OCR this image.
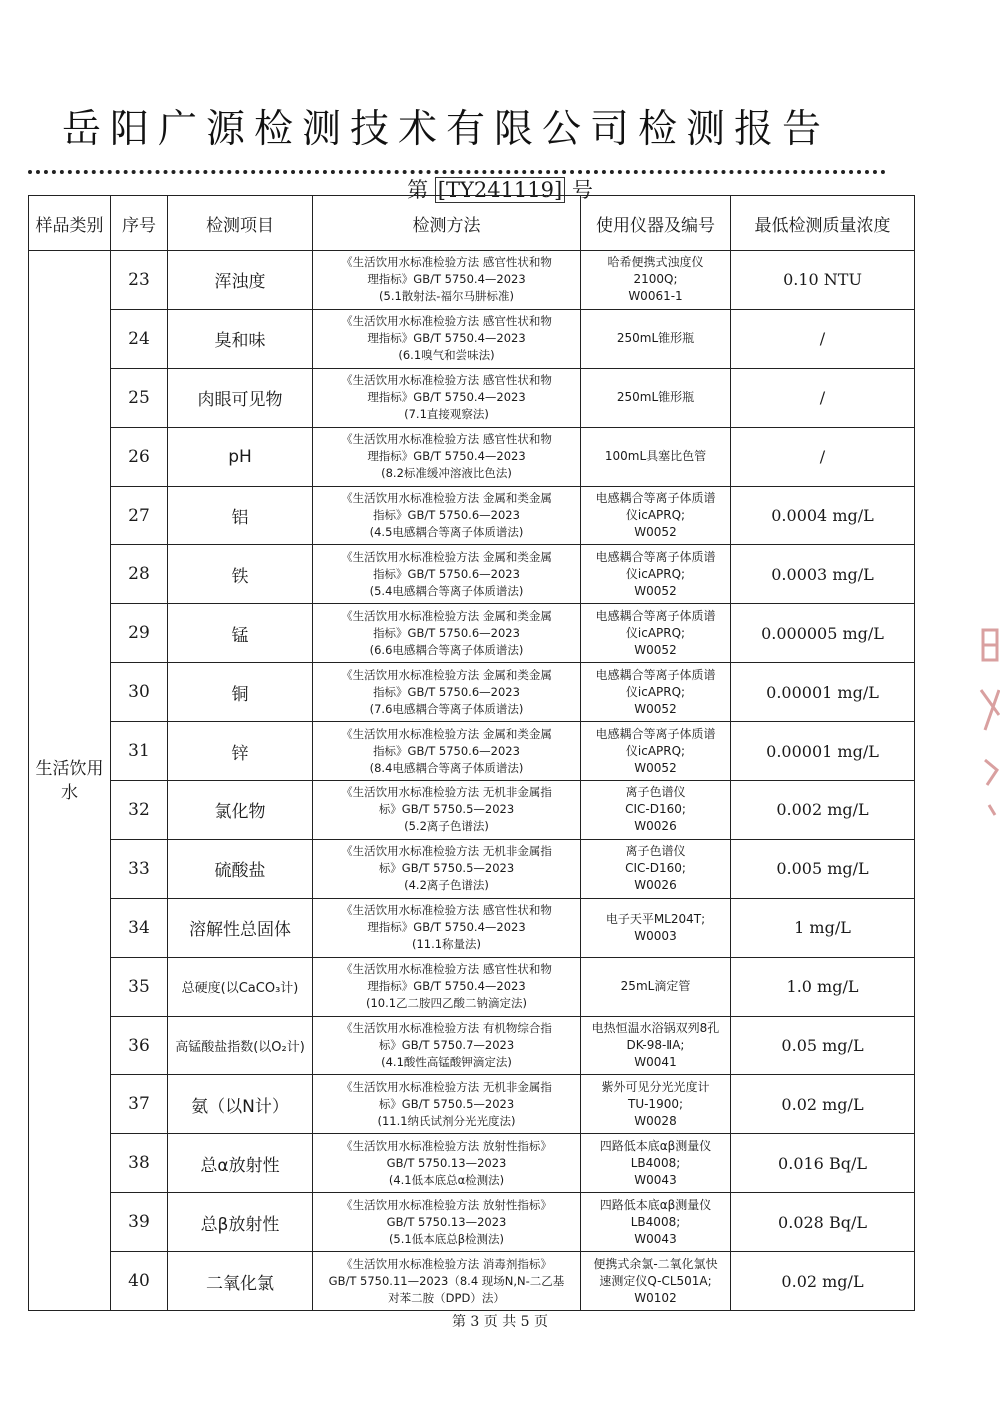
岳阳广源检测技术有限公司检测报告
第 [TY241119] 号
样品类别	序号	检测项目	检测方法	使用仪器及编号	最低检测质量浓度
生活饮用水	23	浑浊度	《生活饮用水标准检验方法 感官性状和物
理指标》GB/T 5750.4—2023
(5.1散射法-福尔马肼标准)	哈希便携式浊度仪
2100Q;
W0061-1	0.10 NTU
	24	臭和味	《生活饮用水标准检验方法 感官性状和物
理指标》GB/T 5750.4—2023
(6.1嗅气和尝味法)	250mL锥形瓶	/
	25	肉眼可见物	《生活饮用水标准检验方法 感官性状和物
理指标》GB/T 5750.4—2023
(7.1直接观察法)	250mL锥形瓶	/
	26	pH	《生活饮用水标准检验方法 感官性状和物
理指标》GB/T 5750.4—2023
(8.2标准缓冲溶液比色法)	100mL具塞比色管	/
	27	铝	《生活饮用水标准检验方法 金属和类金属
指标》GB/T 5750.6—2023
(4.5电感耦合等离子体质谱法)	电感耦合等离子体质谱
仪icAPRQ;
W0052	0.0004 mg/L
	28	铁	《生活饮用水标准检验方法 金属和类金属
指标》GB/T 5750.6—2023
(5.4电感耦合等离子体质谱法)	电感耦合等离子体质谱
仪icAPRQ;
W0052	0.0003 mg/L
	29	锰	《生活饮用水标准检验方法 金属和类金属
指标》GB/T 5750.6—2023
(6.6电感耦合等离子体质谱法)	电感耦合等离子体质谱
仪icAPRQ;
W0052	0.000005 mg/L
	30	铜	《生活饮用水标准检验方法 金属和类金属
指标》GB/T 5750.6—2023
(7.6电感耦合等离子体质谱法)	电感耦合等离子体质谱
仪icAPRQ;
W0052	0.00001 mg/L
	31	锌	《生活饮用水标准检验方法 金属和类金属
指标》GB/T 5750.6—2023
(8.4电感耦合等离子体质谱法)	电感耦合等离子体质谱
仪icAPRQ;
W0052	0.00001 mg/L
	32	氯化物	《生活饮用水标准检验方法 无机非金属指
标》GB/T 5750.5—2023
(5.2离子色谱法)	离子色谱仪
CIC-D160;
W0026	0.002 mg/L
	33	硫酸盐	《生活饮用水标准检验方法 无机非金属指
标》GB/T 5750.5—2023
(4.2离子色谱法)	离子色谱仪
CIC-D160;
W0026	0.005 mg/L
	34	溶解性总固体	《生活饮用水标准检验方法 感官性状和物
理指标》GB/T 5750.4—2023
(11.1称量法)	电子天平ML204T;
W0003	1 mg/L
	35	总硬度(以CaCO₃计)	《生活饮用水标准检验方法 感官性状和物
理指标》GB/T 5750.4—2023
(10.1乙二胺四乙酸二钠滴定法)	25mL滴定管	1.0 mg/L
	36	高锰酸盐指数(以O₂计)	《生活饮用水标准检验方法 有机物综合指
标》GB/T 5750.7—2023
(4.1酸性高锰酸钾滴定法)	电热恒温水浴锅双列8孔
DK-98-ⅡA;
W0041	0.05 mg/L
	37	氨（以N计）	《生活饮用水标准检验方法 无机非金属指
标》GB/T 5750.5—2023
(11.1纳氏试剂分光光度法)	紫外可见分光光度计
TU-1900;
W0028	0.02 mg/L
	38	总α放射性	《生活饮用水标准检验方法 放射性指标》
GB/T 5750.13—2023
(4.1低本底总α检测法)	四路低本底αβ测量仪
LB4008;
W0043	0.016 Bq/L
	39	总β放射性	《生活饮用水标准检验方法 放射性指标》
GB/T 5750.13—2023
(5.1低本底总β检测法)	四路低本底αβ测量仪
LB4008;
W0043	0.028 Bq/L
	40	二氧化氯	《生活饮用水标准检验方法 消毒剂指标》
GB/T 5750.11—2023（8.4 现场N,N-二乙基
对苯二胺（DPD）法）	便携式余氯-二氧化氯快
速测定仪Q-CL501A;
W0102	0.02 mg/L
第 3 页 共 5 页
